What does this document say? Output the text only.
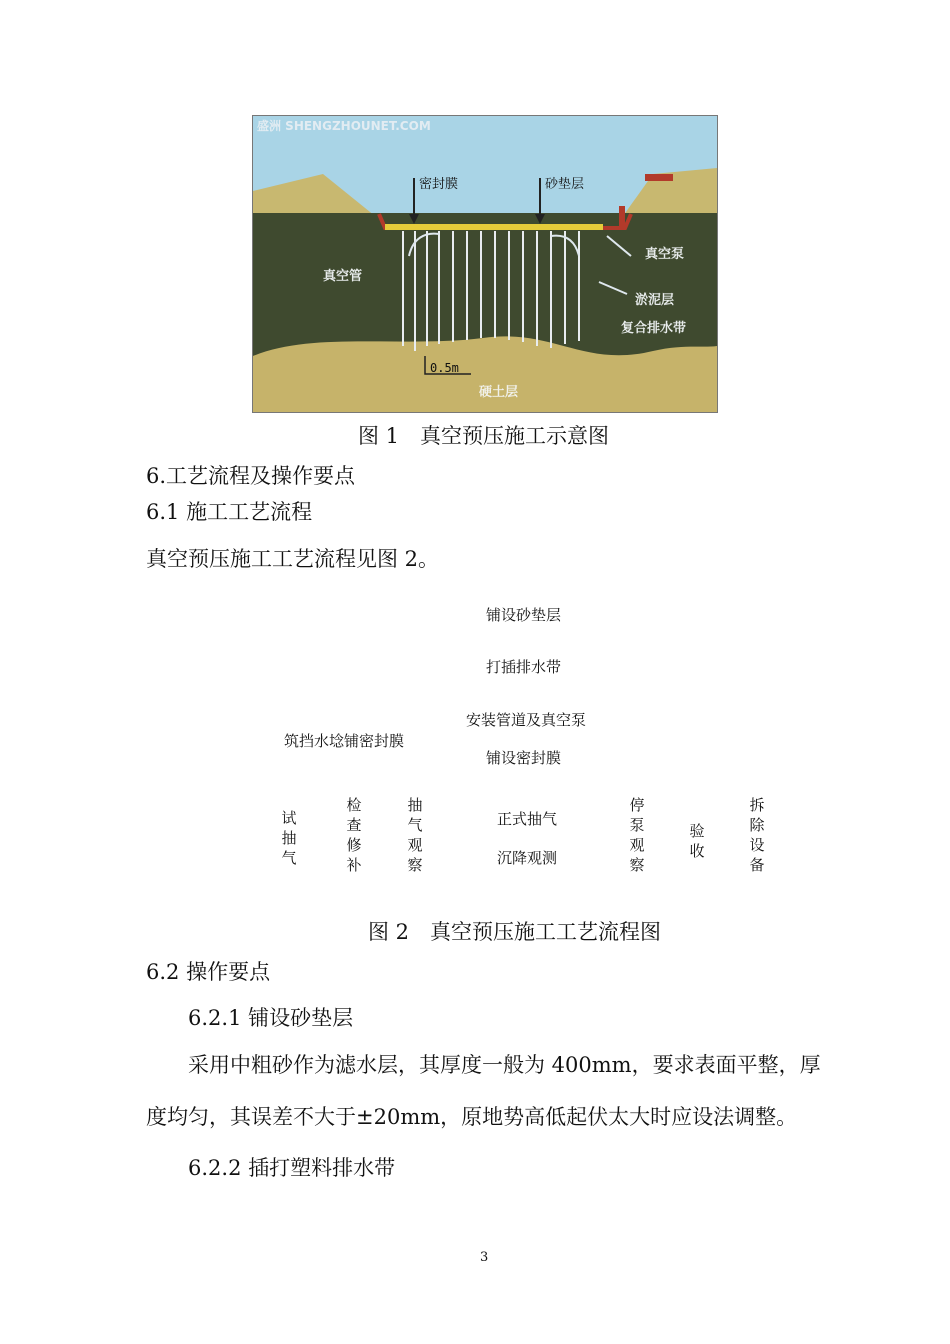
盛洲 SHENGZHOUNET.COM
密封膜	砂垫层
真空管
真空泵
淤泥层
复合排水带
0.5m
硬土层
图 1　真空预压施工示意图
6.工艺流程及操作要点
6.1 施工工艺流程
真空预压施工工艺流程见图 2。
铺设砂垫层
打插排水带
安装管道及真空泵
筑挡水埝铺密封膜
铺设密封膜
试
抽
气
检
查
修
补
抽
气
观
察
正式抽气
沉降观测
停
泵
观
察
验
收
拆
除
设
备
图 2　真空预压施工工艺流程图
6.2 操作要点
6.2.1 铺设砂垫层
采用中粗砂作为滤水层，其厚度一般为 400mm，要求表面平整，厚
度均匀，其误差不大于±20mm，原地势高低起伏太大时应设法调整。
6.2.2 插打塑料排水带
3
